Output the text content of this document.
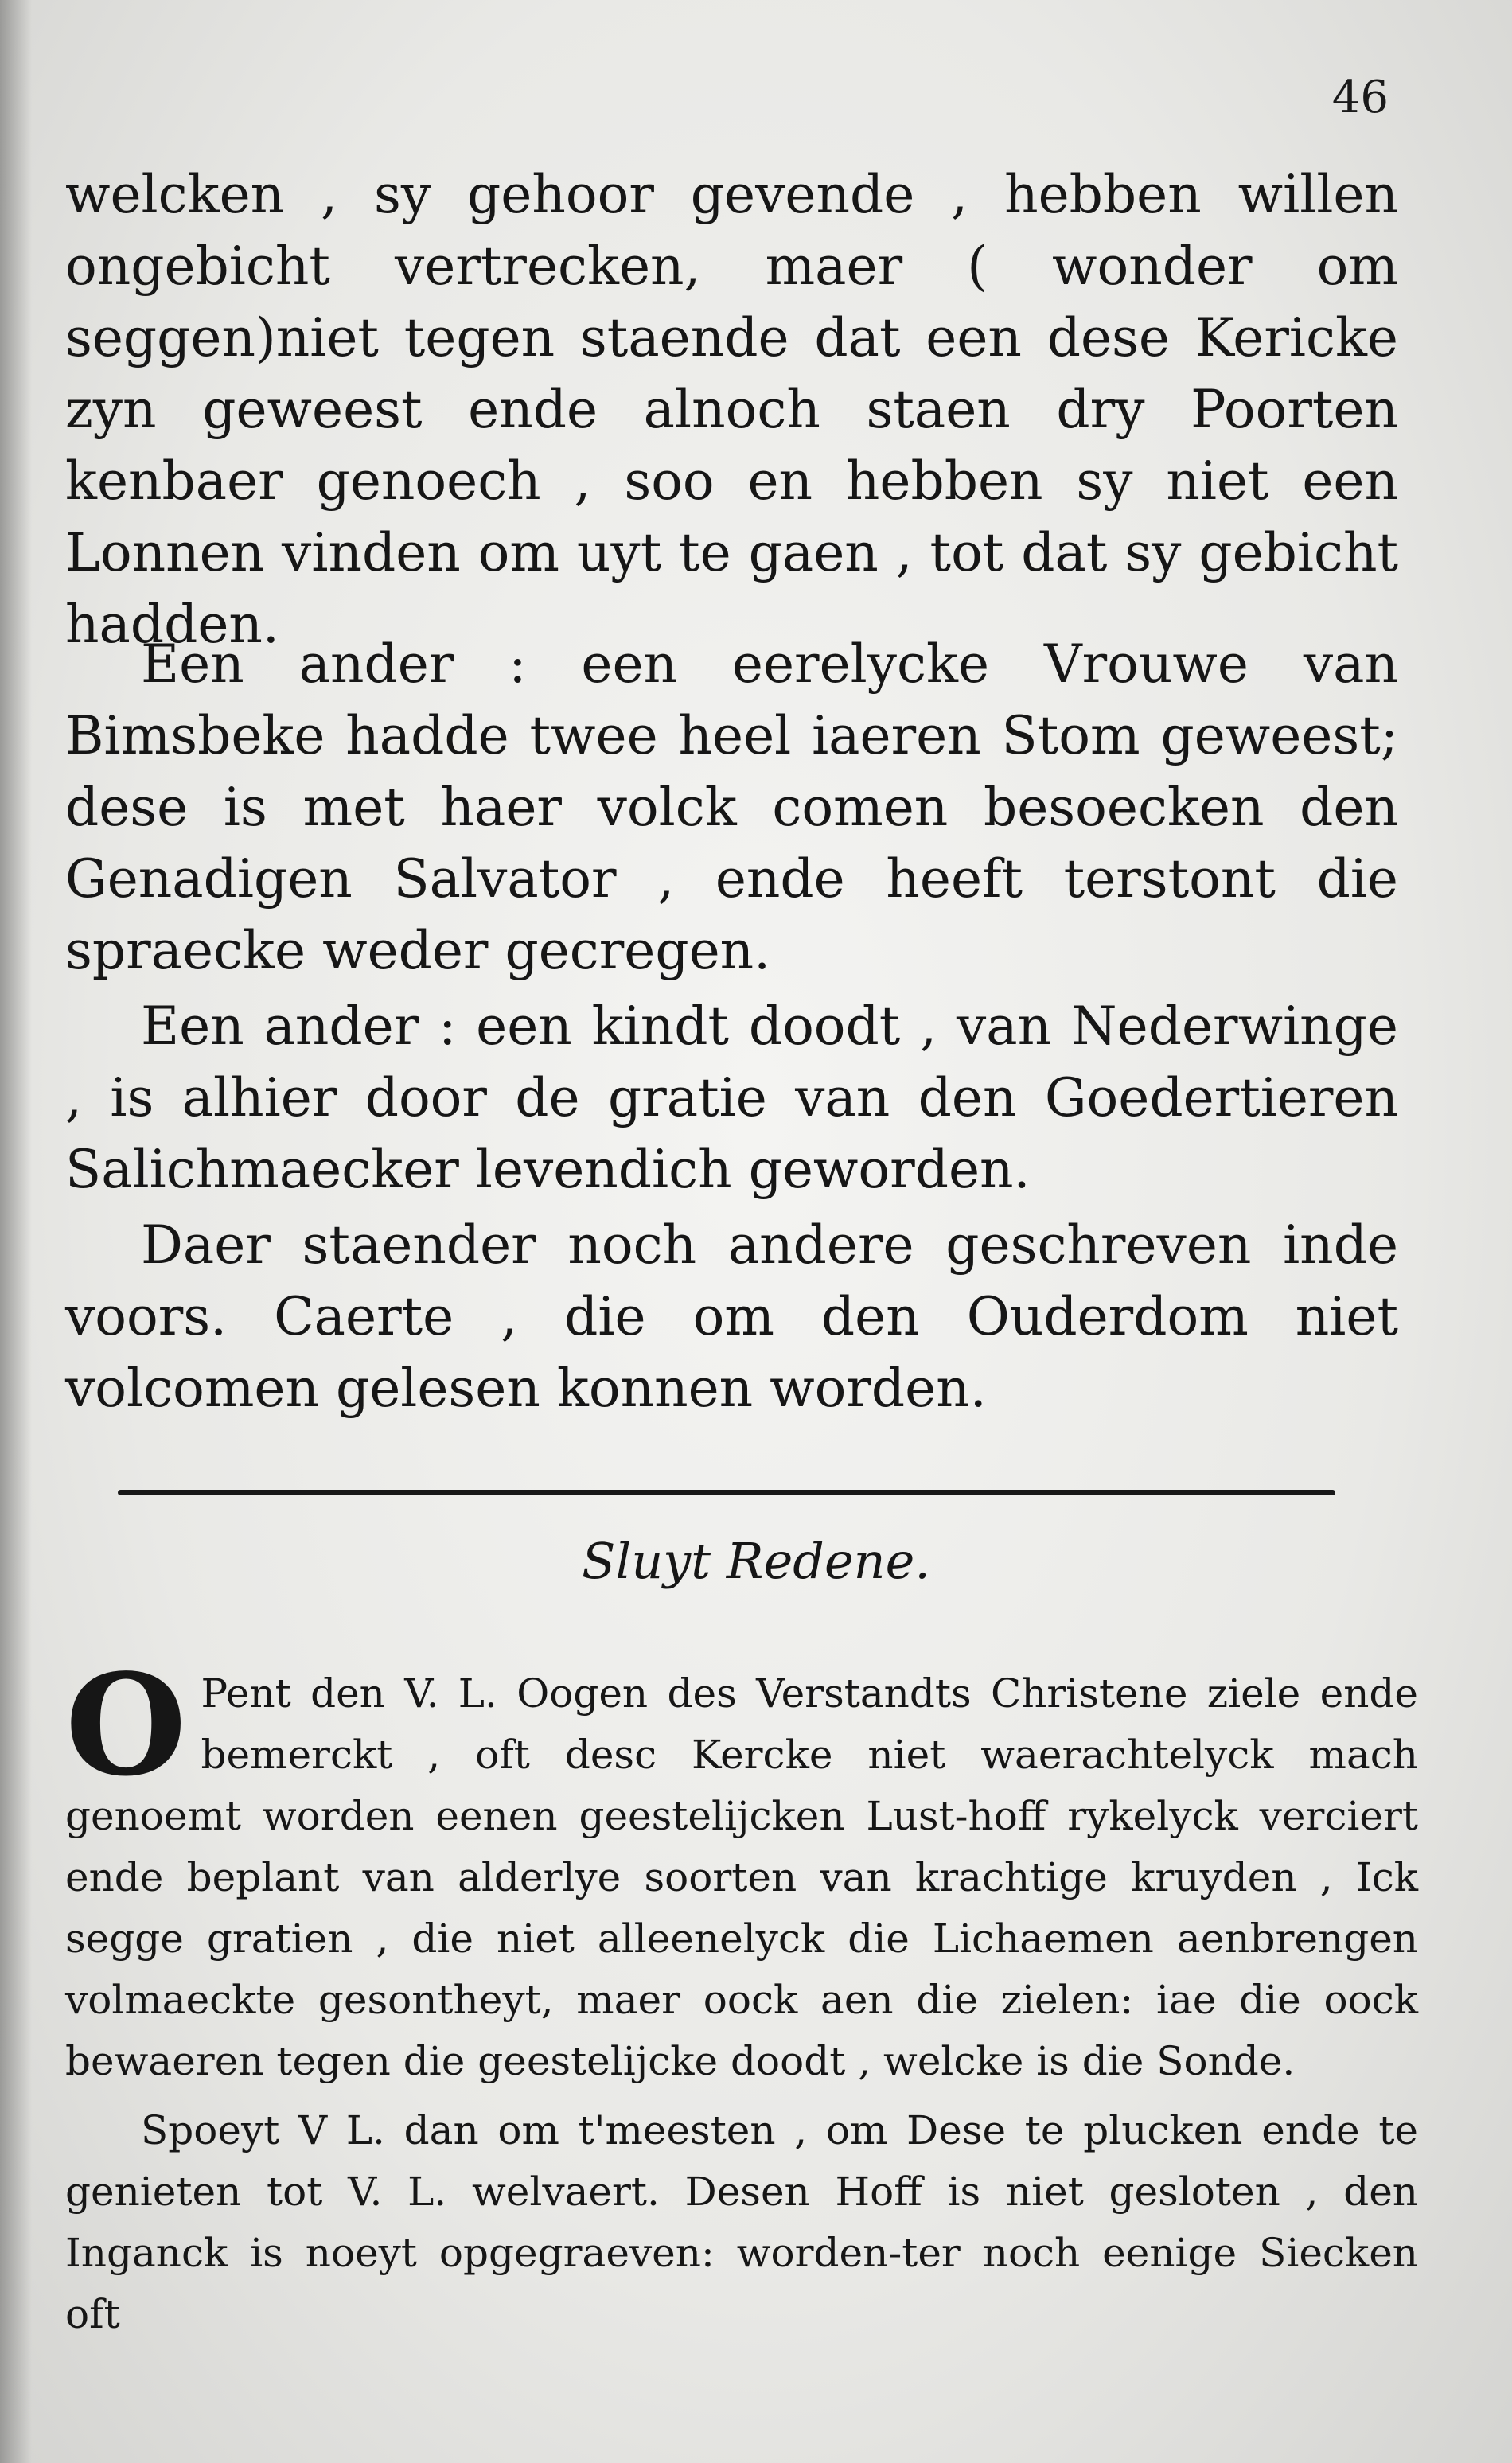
46

welcken , sy gehoor gevende , hebben willen ongebicht vertrecken, maer ( wonder om seggen)niet tegen staende dat een dese Kericke zyn geweest ende alnoch staen dry Poorten kenbaer genoech , soo en hebben sy niet een Lonnen vinden om uyt te gaen , tot dat sy gebicht hadden.

Een ander : een eerelycke Vrouwe van Bimsbeke hadde twee heel iaeren Stom geweest; dese is met haer volck comen besoecken den Genadigen Salvator , ende heeft terstont die spraecke weder gecregen.

Een ander : een kindt doodt , van Nederwinge , is alhier door de gratie van den Goedertieren Salichmaecker levendich geworden.

Daer staender noch andere geschreven inde voors. Caerte , die om den Ouderdom niet volcomen gelesen konnen worden.

Sluyt Redene.
O Pent den V. L. Oogen des Verstandts Christene ziele ende bemerckt , oft desc Kercke niet waerachtelyck mach genoemt worden eenen geestelijcken Lust-hoff rykelyck verciert ende beplant van alderlye soorten van krachtige kruyden , Ick segge gratien , die niet alleenelyck die Lichaemen aenbrengen volmaeckte gesontheyt, maer oock aen die zielen: iae die oock bewaeren tegen die geestelijcke doodt , welcke is die Sonde.

Spoeyt V L. dan om t'meesten , om Dese te plucken ende te genieten tot V. L. welvaert. Desen Hoff is niet gesloten , den Inganck is noeyt opgegraeven: worden-ter noch eenige Siecken oft
